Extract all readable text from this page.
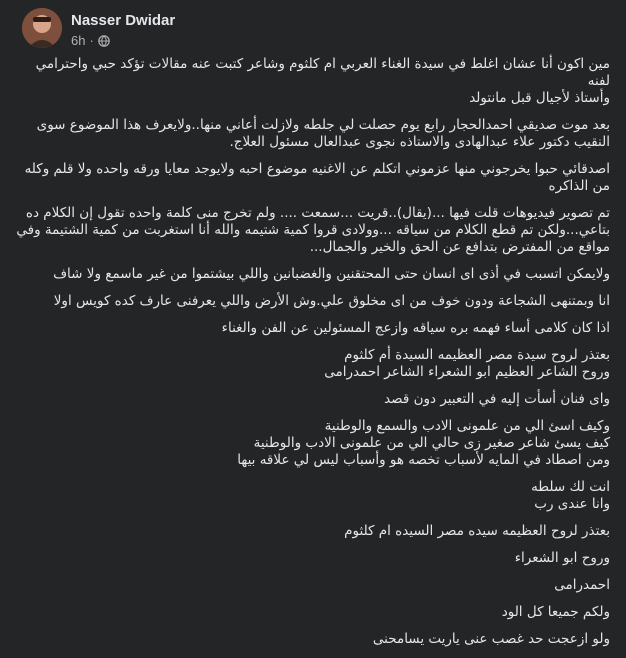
Nasser Dwidar
6h ·
مين اكون أنا عشان اغلط في سيدة الغناء العربي ام كلثوم وشاعر كتبت عنه مقالات تؤكد حبي واحترامي لفنه
وأستاذ لأجيال قبل مانتولد
بعد موت صديقي احمدالحجار رابع يوم حصلت لي جلطه ولازلت أعاني منها..ولايعرف هذا الموضوع سوى
النقيب دكتور علاء عبدالهادى والاستاذه نجوى عبدالعال مسئول العلاج.
اصدقائي حبوا يخرجوني منها عزموني اتكلم عن الاغنيه موضوع احبه ولايوجد معايا ورقه واحده ولا قلم وكله
من الذاكره
تم تصوير فيديوهات قلت فيها ...(يقال)..قريت ...سمعت .... ولم تخرج منى كلمة واحده تقول إن الكلام ده
بتاعي...ولكن تم قطع الكلام من سياقه ...وولادى قروا كمية شتيمه والله أنا استغربت من كمية الشتيمة وفي
مواقع من المفترض بتدافع عن الحق والخير والجمال...
ولايمكن اتسبب في أذى اى انسان حتى المحتقنين والغضبانين واللي بيشتموا من غير ماسمع ولا شاف
انا وبمتنهى الشجاعة ودون خوف من اى مخلوق علي.وش الأرض واللي يعرفنى عارف كده كويس اولا
اذا كان كلامى أساء فهمه بره سياقه وازعج المسئولين عن الفن والغناء
بعتذر لروح سيدة مصر العظيمه السيدة أم كلثوم
وروح الشاعر العظيم ابو الشعراء الشاعر احمدرامى
واى فنان أسأت إليه في التعبير دون قصد
وكيف اسئ الي من علمونى الادب والسمع والوطنية
كيف يسئ شاعر صغير زى حالي الي من علمونى الادب والوطنية
ومن اصطاد في المايه لأسباب تخصه هو وأسباب ليس لي علاقه بيها
انت لك سلطه
وانا عندى رب
بعتذر لروح العظيمه سيده مصر السيده ام كلثوم
وروح ابو الشعراء
احمدرامى
ولكم جميعا كل الود
ولو ازعجت حد غصب عنى ياريت يسامحنى
